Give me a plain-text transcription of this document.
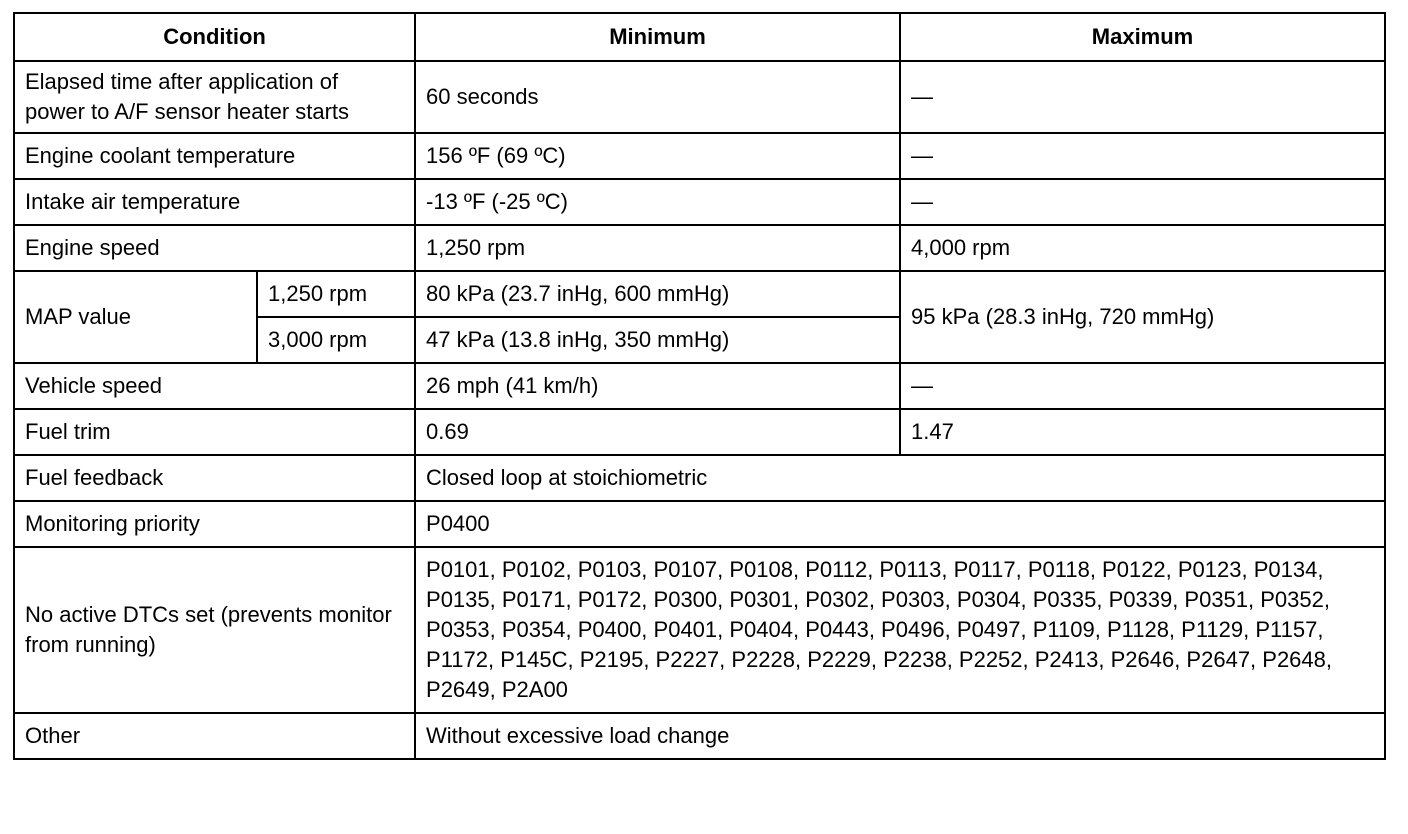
Condition		Minimum	Maximum
Elapsed time after application of power to A/F sensor heater starts		60 seconds	—
Engine coolant temperature		156 ºF (69 ºC)	—
Intake air temperature		-13 ºF (-25 ºC)	—
Engine speed		1,250 rpm	4,000 rpm
MAP value	1,250 rpm	80 kPa (23.7 inHg, 600 mmHg)	95 kPa (28.3 inHg, 720 mmHg)
	3,000 rpm	47 kPa (13.8 inHg, 350 mmHg)	
Vehicle speed		26 mph (41 km/h)	—
Fuel trim		0.69	1.47
Fuel feedback		Closed loop at stoichiometric	
Monitoring priority		P0400	
No active DTCs set (prevents monitor from running)		P0101, P0102, P0103, P0107, P0108, P0112, P0113, P0117, P0118, P0122, P0123, P0134, P0135, P0171, P0172, P0300, P0301, P0302, P0303, P0304, P0335, P0339, P0351, P0352, P0353, P0354, P0400, P0401, P0404, P0443, P0496, P0497, P1109, P1128, P1129, P1157, P1172, P145C, P2195, P2227, P2228, P2229, P2238, P2252, P2413, P2646, P2647, P2648, P2649, P2A00	
Other		Without excessive load change	
